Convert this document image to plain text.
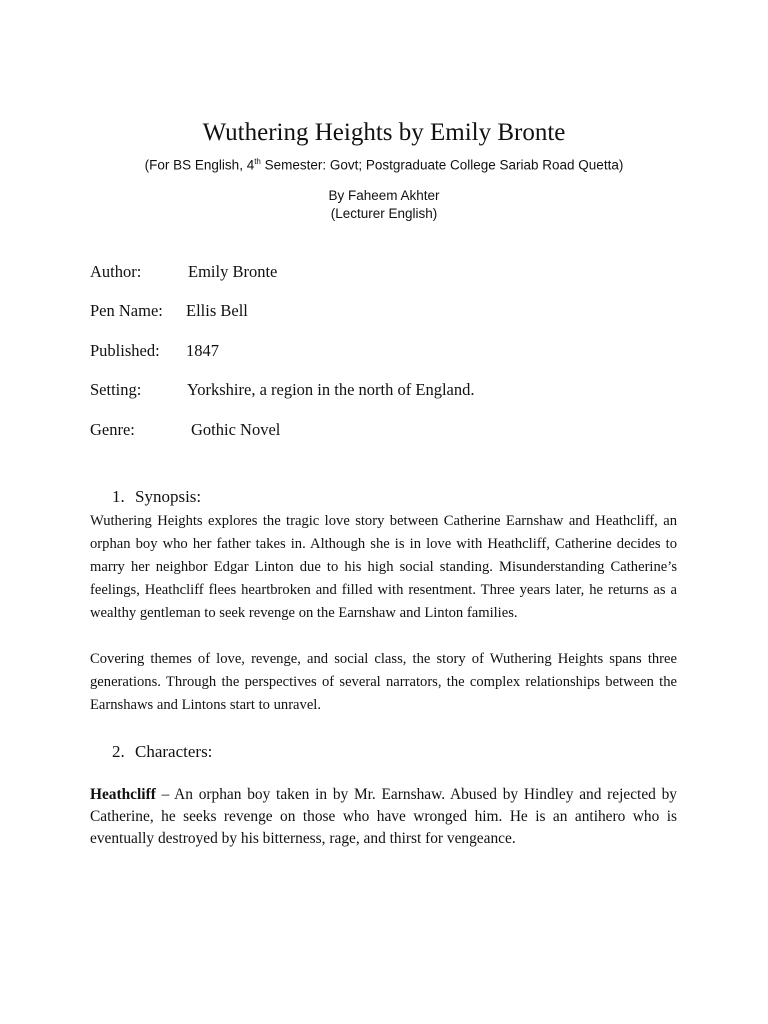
Wuthering Heights by Emily Bronte
(For BS English, 4th Semester: Govt; Postgraduate College Sariab Road Quetta)
By Faheem Akhter
(Lecturer English)
Author:	Emily Bronte
Pen Name: Ellis Bell
Published: 1847
Setting:	Yorkshire, a region in the north of England.
Genre:	Gothic Novel
1. Synopsis:
Wuthering Heights explores the tragic love story between Catherine Earnshaw and Heathcliff, an orphan boy who her father takes in. Although she is in love with Heathcliff, Catherine decides to marry her neighbor Edgar Linton due to his high social standing. Misunderstanding Catherine’s feelings, Heathcliff flees heartbroken and filled with resentment. Three years later, he returns as a wealthy gentleman to seek revenge on the Earnshaw and Linton families.
Covering themes of love, revenge, and social class, the story of Wuthering Heights spans three generations. Through the perspectives of several narrators, the complex relationships between the Earnshaws and Lintons start to unravel.
2. Characters:
Heathcliff – An orphan boy taken in by Mr. Earnshaw. Abused by Hindley and rejected by Catherine, he seeks revenge on those who have wronged him. He is an antihero who is eventually destroyed by his bitterness, rage, and thirst for vengeance.
